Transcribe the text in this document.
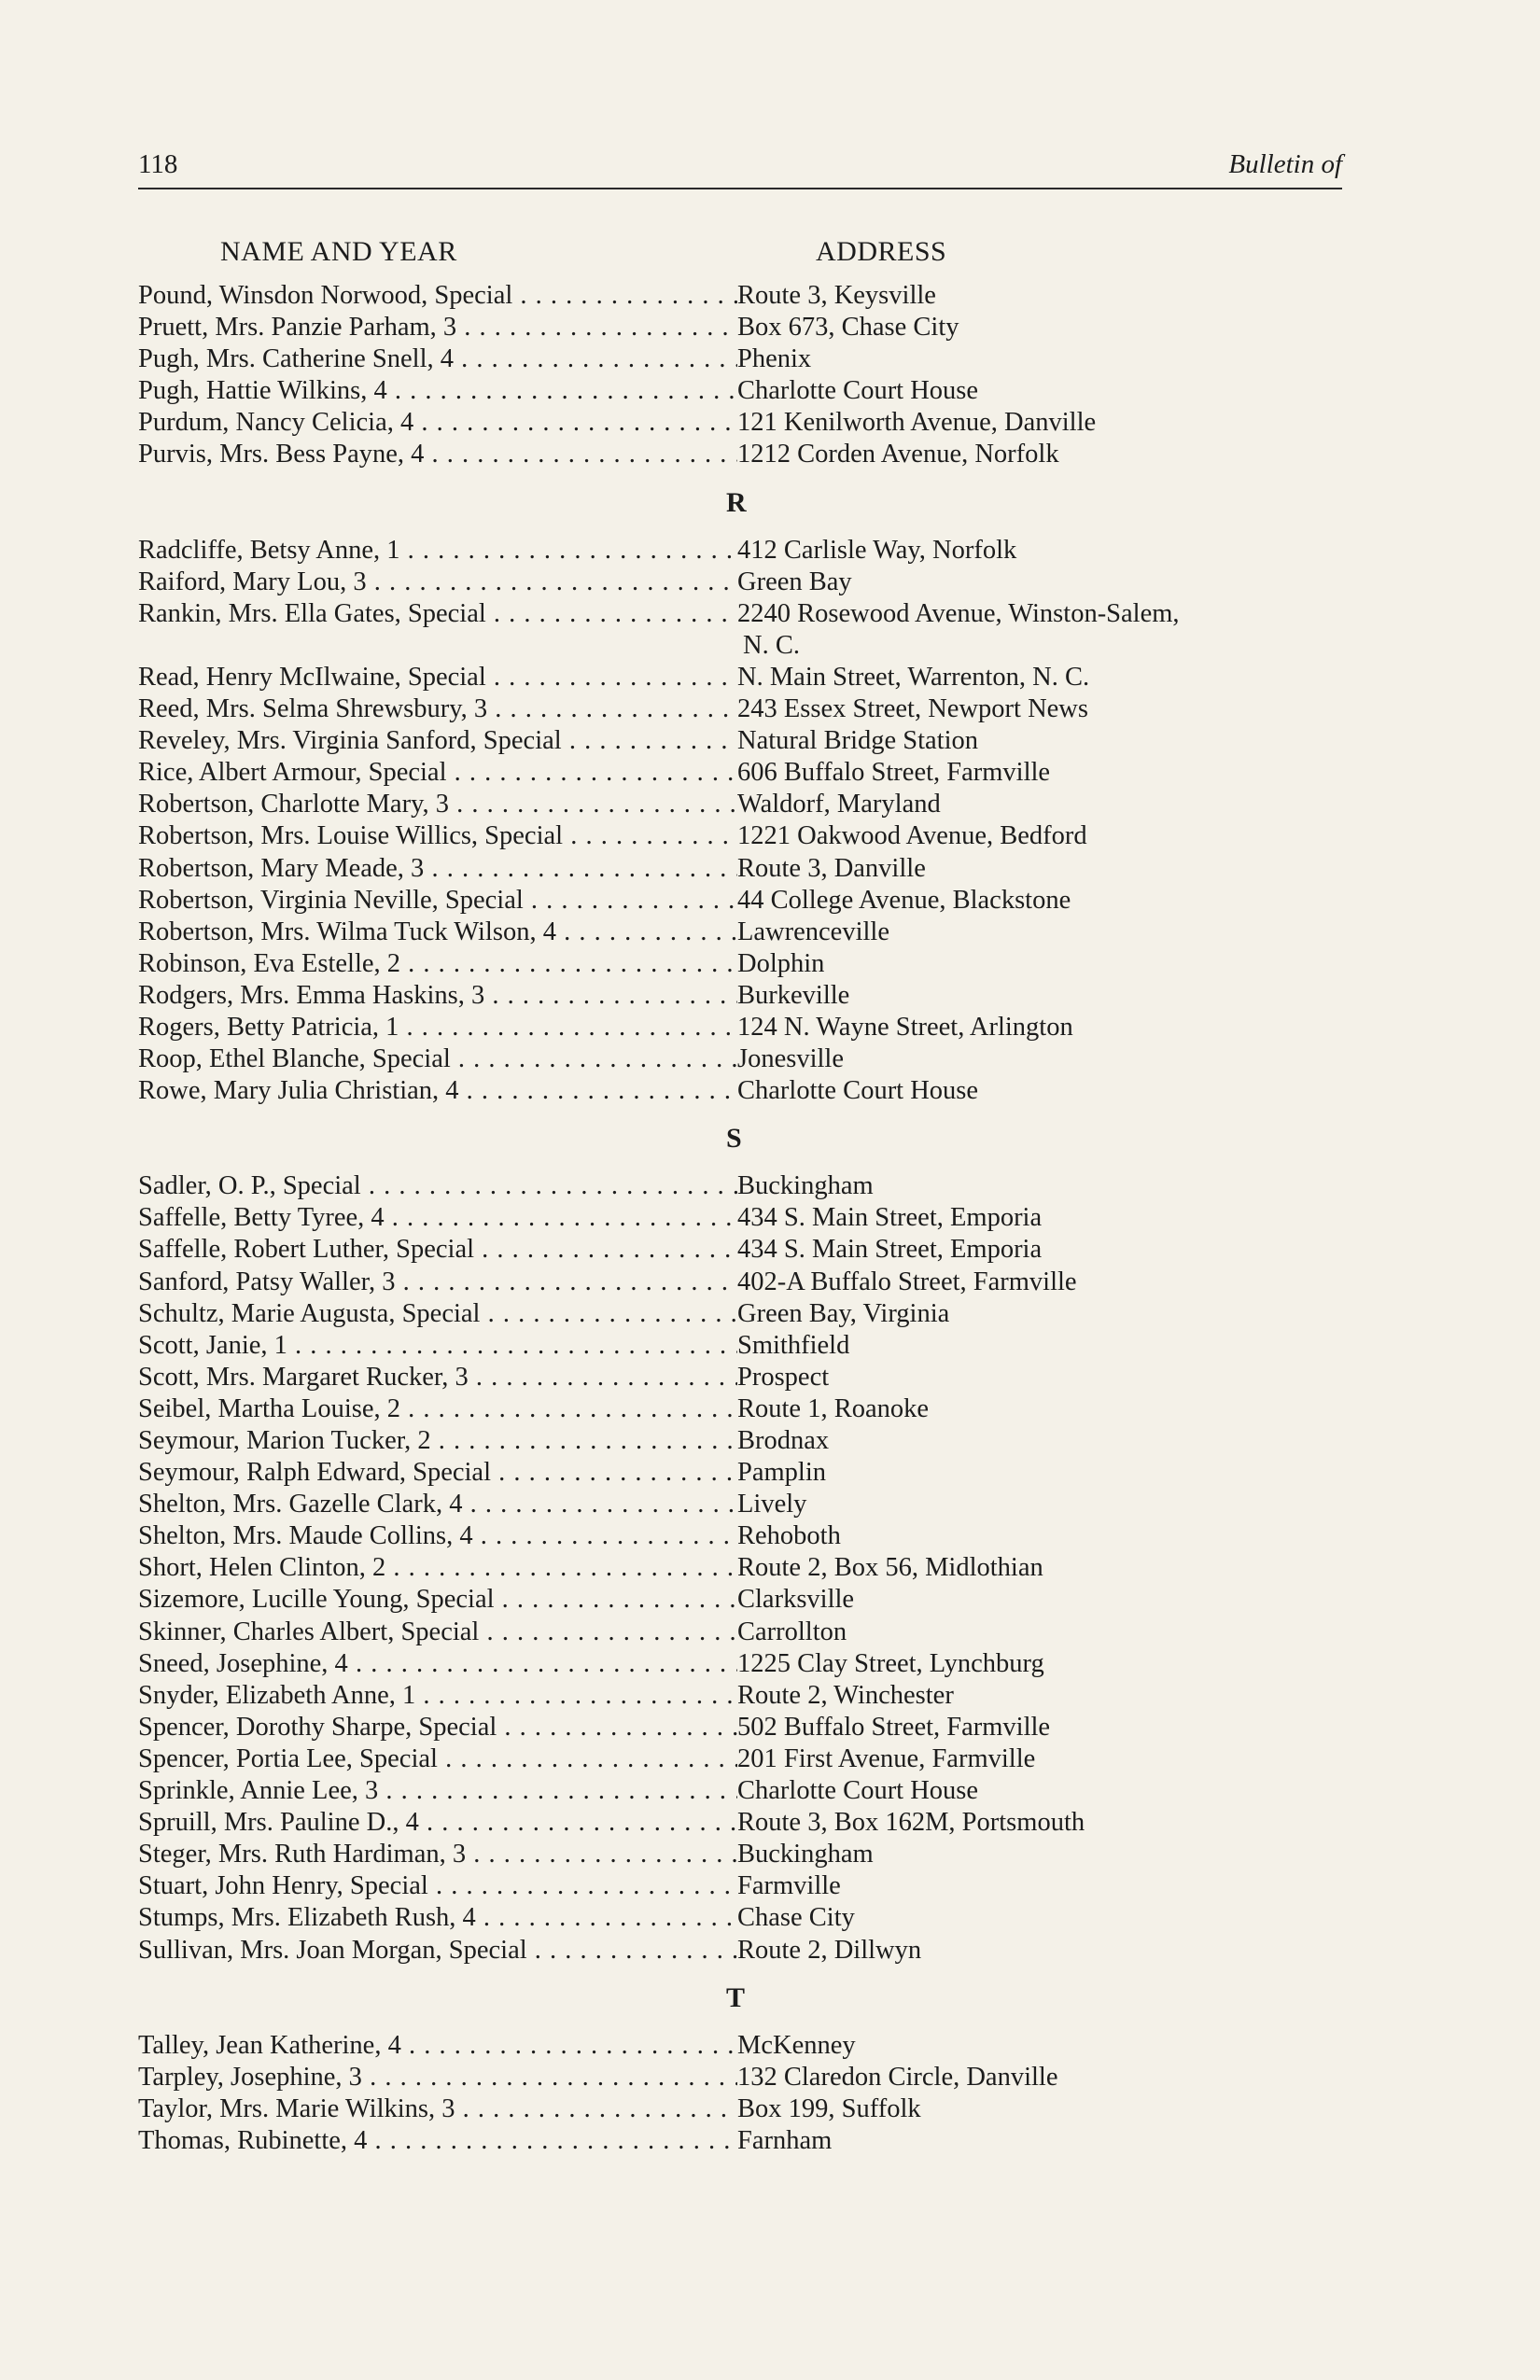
118	Bulletin of
NAME AND YEAR	ADDRESS
Pound, Winsdon Norwood, Special . . .	Route 3, Keysville
Pruett, Mrs. Panzie Parham, 3 . . .	Box 673, Chase City
Pugh, Mrs. Catherine Snell, 4 . . .	Phenix
Pugh, Hattie Wilkins, 4 . . .	Charlotte Court House
Purdum, Nancy Celicia, 4 . . .	121 Kenilworth Avenue, Danville
Purvis, Mrs. Bess Payne, 4 . . .	1212 Corden Avenue, Norfolk
R
Radcliffe, Betsy Anne, 1 . . .	412 Carlisle Way, Norfolk
Raiford, Mary Lou, 3 . . .	Green Bay
Rankin, Mrs. Ella Gates, Special . . .	2240 Rosewood Avenue, Winston-Salem,
N. C.
Read, Henry McIlwaine, Special . . .	N. Main Street, Warrenton, N. C.
Reed, Mrs. Selma Shrewsbury, 3 . . .	243 Essex Street, Newport News
Reveley, Mrs. Virginia Sanford, Special . . .	Natural Bridge Station
Rice, Albert Armour, Special . . .	606 Buffalo Street, Farmville
Robertson, Charlotte Mary, 3 . . .	Waldorf, Maryland
Robertson, Mrs. Louise Willics, Special . . .	1221 Oakwood Avenue, Bedford
Robertson, Mary Meade, 3 . . .	Route 3, Danville
Robertson, Virginia Neville, Special . . .	44 College Avenue, Blackstone
Robertson, Mrs. Wilma Tuck Wilson, 4 . . .	Lawrenceville
Robinson, Eva Estelle, 2 . . .	Dolphin
Rodgers, Mrs. Emma Haskins, 3 . . .	Burkeville
Rogers, Betty Patricia, 1 . . .	124 N. Wayne Street, Arlington
Roop, Ethel Blanche, Special . . .	Jonesville
Rowe, Mary Julia Christian, 4 . . .	Charlotte Court House
S
Sadler, O. P., Special . . .	Buckingham
Saffelle, Betty Tyree, 4 . . .	434 S. Main Street, Emporia
Saffelle, Robert Luther, Special . . .	434 S. Main Street, Emporia
Sanford, Patsy Waller, 3 . . .	402-A Buffalo Street, Farmville
Schultz, Marie Augusta, Special . . .	Green Bay, Virginia
Scott, Janie, 1 . . .	Smithfield
Scott, Mrs. Margaret Rucker, 3 . . .	Prospect
Seibel, Martha Louise, 2 . . .	Route 1, Roanoke
Seymour, Marion Tucker, 2 . . .	Brodnax
Seymour, Ralph Edward, Special . . .	Pamplin
Shelton, Mrs. Gazelle Clark, 4 . . .	Lively
Shelton, Mrs. Maude Collins, 4 . . .	Rehoboth
Short, Helen Clinton, 2 . . .	Route 2, Box 56, Midlothian
Sizemore, Lucille Young, Special . . .	Clarksville
Skinner, Charles Albert, Special . . .	Carrollton
Sneed, Josephine, 4 . . .	1225 Clay Street, Lynchburg
Snyder, Elizabeth Anne, 1 . . .	Route 2, Winchester
Spencer, Dorothy Sharpe, Special . . .	502 Buffalo Street, Farmville
Spencer, Portia Lee, Special . . .	201 First Avenue, Farmville
Sprinkle, Annie Lee, 3 . . .	Charlotte Court House
Spruill, Mrs. Pauline D., 4 . . .	Route 3, Box 162M, Portsmouth
Steger, Mrs. Ruth Hardiman, 3 . . .	Buckingham
Stuart, John Henry, Special . . .	Farmville
Stumps, Mrs. Elizabeth Rush, 4 . . .	Chase City
Sullivan, Mrs. Joan Morgan, Special . . .	Route 2, Dillwyn
T
Talley, Jean Katherine, 4 . . .	McKenney
Tarpley, Josephine, 3 . . .	132 Claredon Circle, Danville
Taylor, Mrs. Marie Wilkins, 3 . . .	Box 199, Suffolk
Thomas, Rubinette, 4 . . .	Farnham
